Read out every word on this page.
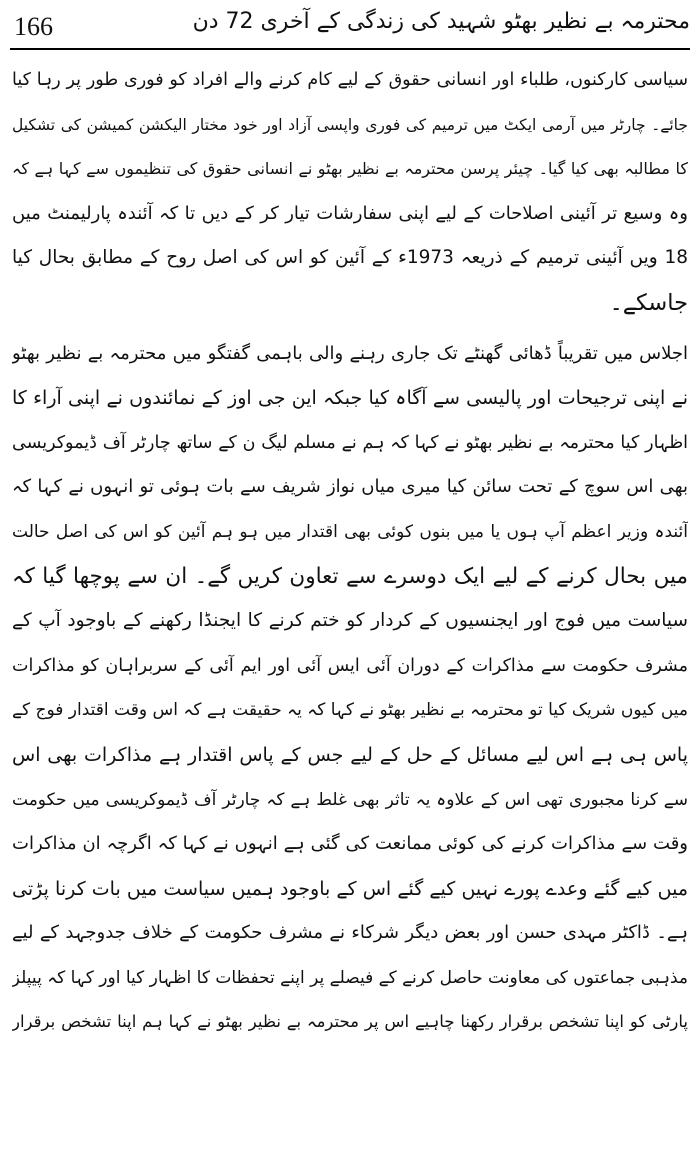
166	محترمہ بے نظیر بھٹو شہید کی زندگی کے آخری 72 دن
سیاسی کارکنوں، طلباء اور انسانی حقوق کے لیے کام کرنے والے افراد کو فوری طور پر رہا کیا
جائے۔ چارٹر میں آرمی ایکٹ میں ترمیم کی فوری واپسی آزاد اور خود مختار الیکشن کمیشن کی تشکیل
کا مطالبہ بھی کیا گیا۔ چیئر پرسن محترمہ بے نظیر بھٹو نے انسانی حقوق کی تنظیموں سے کہا ہے کہ
وہ وسیع تر آئینی اصلاحات کے لیے اپنی سفارشات تیار کر کے دیں تا کہ آئندہ پارلیمنٹ میں
18 ویں آئینی ترمیم کے ذریعہ 1973ء کے آئین کو اس کی اصل روح کے مطابق بحال کیا
جاسکے۔
اجلاس میں تقریباً ڈھائی گھنٹے تک جاری رہنے والی باہمی گفتگو میں محترمہ بے نظیر بھٹو
نے اپنی ترجیحات اور پالیسی سے آگاہ کیا جبکہ این جی اوز کے نمائندوں نے اپنی آراء کا
اظہار کیا محترمہ بے نظیر بھٹو نے کہا کہ ہم نے مسلم لیگ ن کے ساتھ چارٹر آف ڈیموکریسی
بھی اس سوچ کے تحت سائن کیا میری میاں نواز شریف سے بات ہوئی تو انہوں نے کہا کہ
آئندہ وزیر اعظم آپ ہوں یا میں بنوں کوئی بھی اقتدار میں ہو ہم آئین کو اس کی اصل حالت
میں بحال کرنے کے لیے ایک دوسرے سے تعاون کریں گے۔ ان سے پوچھا گیا کہ
سیاست میں فوج اور ایجنسیوں کے کردار کو ختم کرنے کا ایجنڈا رکھنے کے باوجود آپ کے
مشرف حکومت سے مذاکرات کے دوران آئی ایس آئی اور ایم آئی کے سربراہان کو مذاکرات
میں کیوں شریک کیا تو محترمہ بے نظیر بھٹو نے کہا کہ یہ حقیقت ہے کہ اس وقت اقتدار فوج کے
پاس ہی ہے اس لیے مسائل کے حل کے لیے جس کے پاس اقتدار ہے مذاکرات بھی اس
سے کرنا مجبوری تھی اس کے علاوہ یہ تاثر بھی غلط ہے کہ چارٹر آف ڈیموکریسی میں حکومت
وقت سے مذاکرات کرنے کی کوئی ممانعت کی گئی ہے انہوں نے کہا کہ اگرچہ ان مذاکرات
میں کیے گئے وعدے پورے نہیں کیے گئے اس کے باوجود ہمیں سیاست میں بات کرنا پڑتی
ہے۔ ڈاکٹر مہدی حسن اور بعض دیگر شرکاء نے مشرف حکومت کے خلاف جدوجہد کے لیے
مذہبی جماعتوں کی معاونت حاصل کرنے کے فیصلے پر اپنے تحفظات کا اظہار کیا اور کہا کہ پیپلز
پارٹی کو اپنا تشخص برقرار رکھنا چاہیے اس پر محترمہ بے نظیر بھٹو نے کہا ہم اپنا تشخص برقرار
